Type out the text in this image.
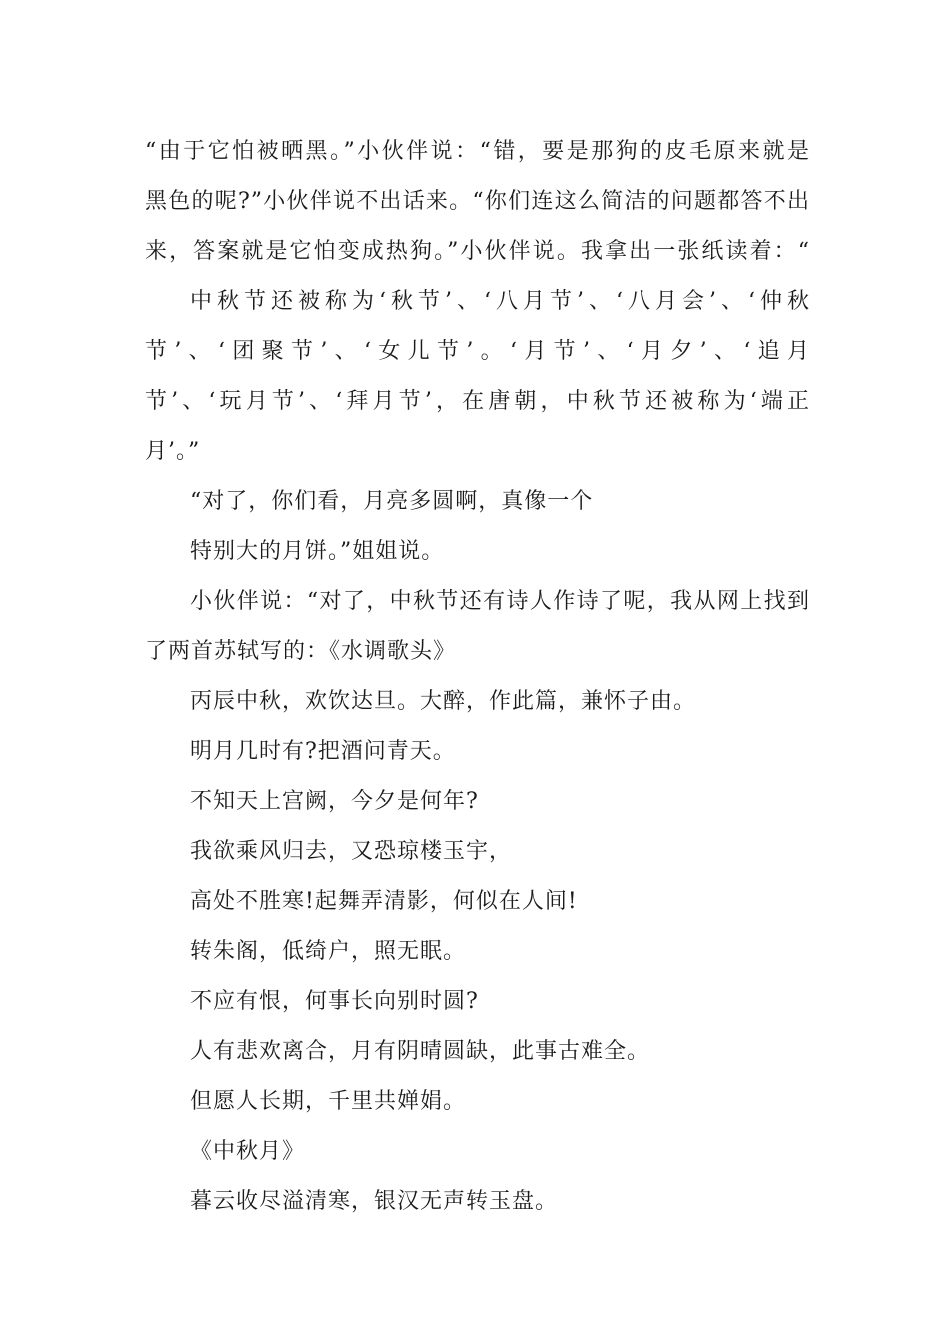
“由于它怕被晒黑。”小伙伴说：“错，要是那狗的皮毛原来就是
黑色的呢?”小伙伴说不出话来。“你们连这么简洁的问题都答不出
来，答案就是它怕变成热狗。”小伙伴说。我拿出一张纸读着：“
中秋节还被称为‘秋节’、‘八月节’、‘八月会’、‘仲秋
节’、‘团聚节’、‘女儿节’。‘月节’、‘月夕’、‘追月
节’、‘玩月节’、‘拜月节’，在唐朝，中秋节还被称为‘端正
月’。”
“对了，你们看，月亮多圆啊，真像一个
特别大的月饼。”姐姐说。
小伙伴说：“对了，中秋节还有诗人作诗了呢，我从网上找到
了两首苏轼写的：《水调歌头》
丙辰中秋，欢饮达旦。大醉，作此篇，兼怀子由。
明月几时有?把酒问青天。
不知天上宫阙，今夕是何年?
我欲乘风归去，又恐琼楼玉宇，
高处不胜寒!起舞弄清影，何似在人间!
转朱阁，低绮户，照无眠。
不应有恨，何事长向别时圆?
人有悲欢离合，月有阴晴圆缺，此事古难全。
但愿人长期，千里共婵娟。
《中秋月》
暮云收尽溢清寒，银汉无声转玉盘。
